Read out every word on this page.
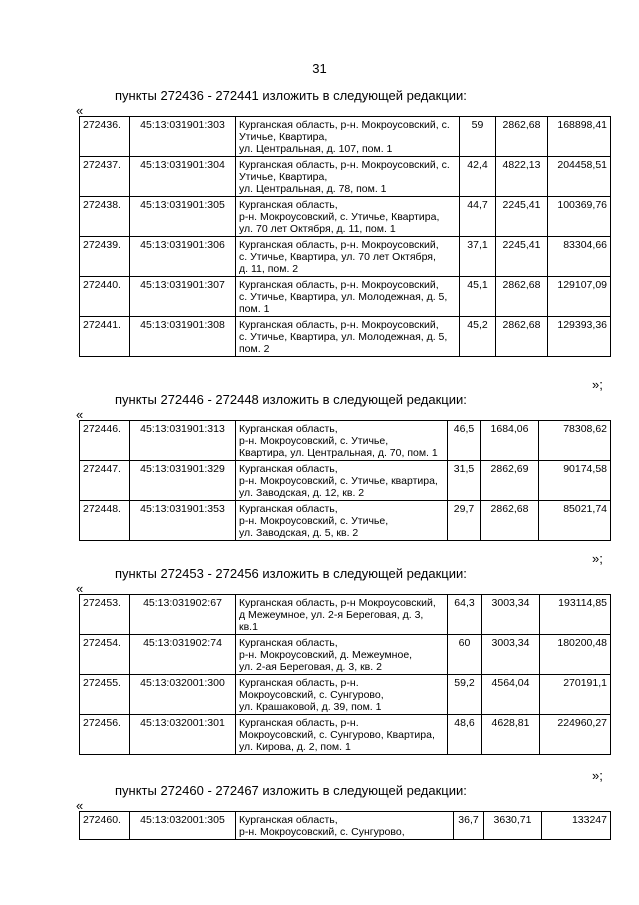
31
пункты 272436 - 272441 изложить в следующей редакции:
«
272436.	45:13:031901:303	Курганская область, р-н. Мокроусовский, с.
Утичье, Квартира,
ул. Центральная, д. 107, пом. 1	59	2862,68	168898,41
272437.	45:13:031901:304	Курганская область, р-н. Мокроусовский, с.
Утичье, Квартира,
ул. Центральная, д. 78, пом. 1	42,4	4822,13	204458,51
272438.	45:13:031901:305	Курганская область,
р-н. Мокроусовский, с. Утичье, Квартира,
ул. 70 лет Октября, д. 11, пом. 1	44,7	2245,41	100369,76
272439.	45:13:031901:306	Курганская область, р-н. Мокроусовский,
с. Утичье, Квартира, ул. 70 лет Октября,
д. 11, пом. 2	37,1	2245,41	83304,66
272440.	45:13:031901:307	Курганская область, р-н. Мокроусовский,
с. Утичье, Квартира, ул. Молодежная, д. 5,
пом. 1	45,1	2862,68	129107,09
272441.	45:13:031901:308	Курганская область, р-н. Мокроусовский,
с. Утичье, Квартира, ул. Молодежная, д. 5,
пом. 2	45,2	2862,68	129393,36
»;
пункты 272446 - 272448 изложить в следующей редакции:
«
272446.	45:13:031901:313	Курганская область,
р-н. Мокроусовский, с. Утичье,
Квартира, ул. Центральная, д. 70, пом. 1	46,5	1684,06	78308,62
272447.	45:13:031901:329	Курганская область,
р-н. Мокроусовский, с. Утичье, квартира,
ул. Заводская, д. 12, кв. 2	31,5	2862,69	90174,58
272448.	45:13:031901:353	Курганская область,
р-н. Мокроусовский, с. Утичье,
ул. Заводская, д. 5, кв. 2	29,7	2862,68	85021,74
»;
пункты 272453 - 272456 изложить в следующей редакции:
«
272453.	45:13:031902:67	Курганская область, р-н Мокроусовский,
д Межеумное, ул. 2-я Береговая, д. 3,
кв.1	64,3	3003,34	193114,85
272454.	45:13:031902:74	Курганская область,
р-н. Мокроусовский, д. Межеумное,
ул. 2-ая Береговая, д. 3, кв. 2	60	3003,34	180200,48
272455.	45:13:032001:300	Курганская область, р-н.
Мокроусовский, с. Сунгурово,
ул. Крашаковой, д. 39, пом. 1	59,2	4564,04	270191,1
272456.	45:13:032001:301	Курганская область, р-н.
Мокроусовский, с. Сунгурово, Квартира,
ул. Кирова, д. 2, пом. 1	48,6	4628,81	224960,27
»;
пункты 272460 - 272467 изложить в следующей редакции:
«
272460.	45:13:032001:305	Курганская область,
р-н. Мокроусовский, с. Сунгурово,
	36,7	3630,71	133247
